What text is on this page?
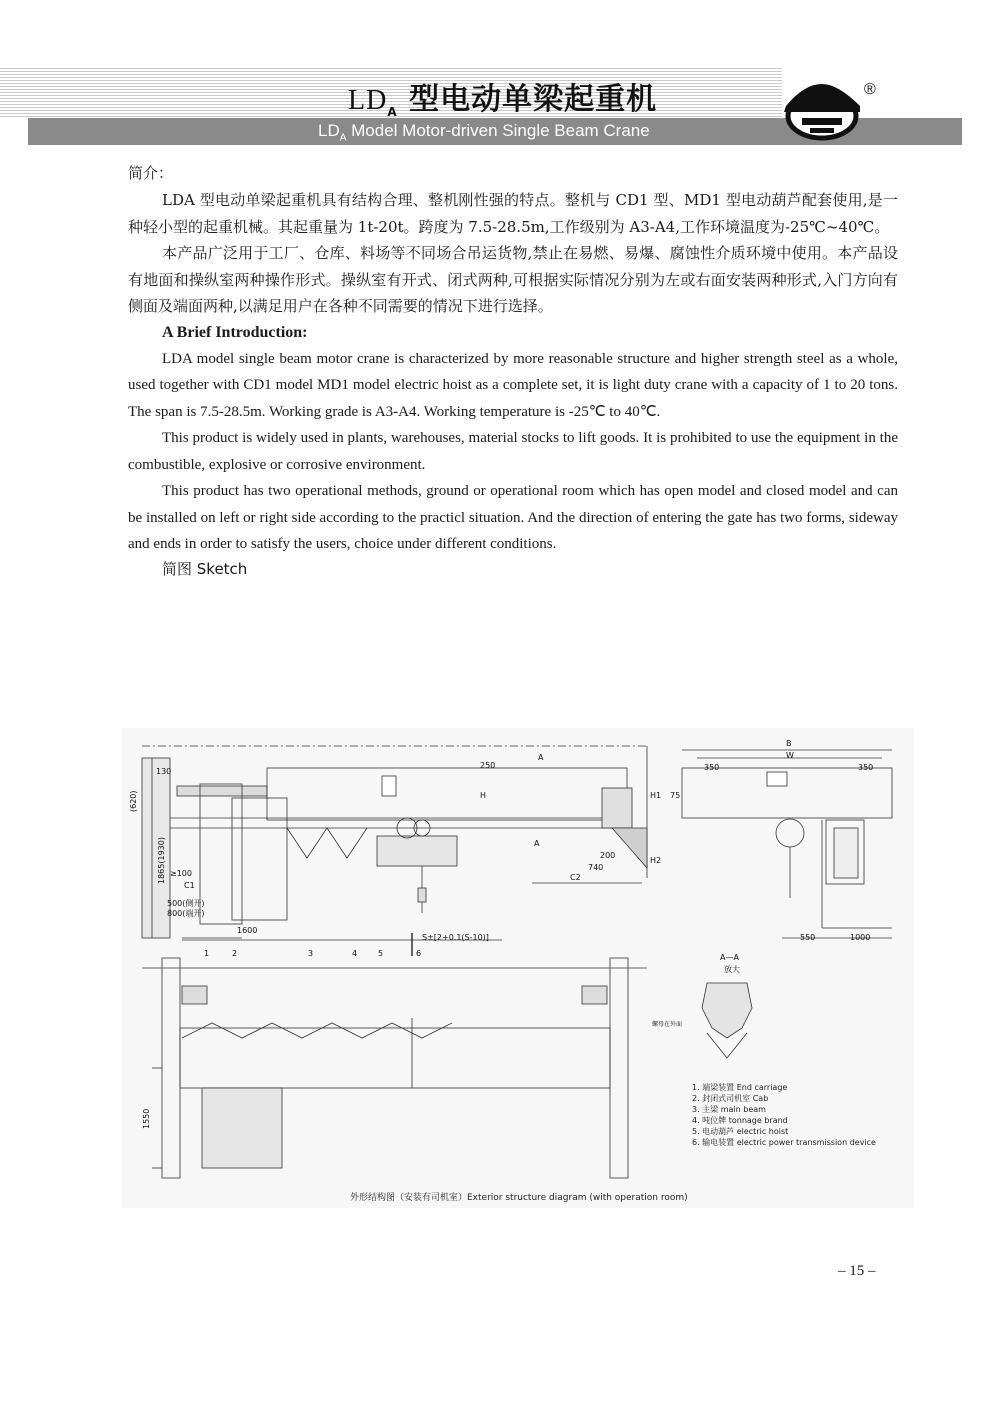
$LD_A$ 型电动单梁起重机
$LD_A$ Model Motor-driven Single Beam Crane
®

简介：

LDA 型电动单梁起重机具有结构合理、整机刚性强的特点。整机与 CD1 型、MD1 型电动葫芦配套使用,是一种轻小型的起重机械。其起重量为 1t-20t。跨度为 7.5-28.5m,工作级别为 A3-A4,工作环境温度为-25℃~40℃。

本产品广泛用于工厂、仓库、料场等不同场合吊运货物,禁止在易燃、易爆、腐蚀性介质环境中使用。本产品设有地面和操纵室两种操作形式。操纵室有开式、闭式两种,可根据实际情况分别为左或右面安装两种形式,入门方向有侧面及端面两种,以满足用户在各种不同需要的情况下进行选择。

A Brief Introduction:

LDA model single beam motor crane is characterized by more reasonable structure and higher strength steel as a whole, used together with CD1 model MD1 model electric hoist as a complete set, it is light duty crane with a capacity of 1 to 20 tons. The span is 7.5-28.5m. Working grade is A3-A4. Working temperature is -25℃ to 40℃.

This product is widely used in plants, warehouses, material stocks to lift goods. It is prohibited to use the equipment in the combustible, explosive or corrosive environment.

This product has two operational methods, ground or operational room which has open model and closed model and can be installed on left or right side according to the practicl situation. And the direction of entering the gate has two forms, sideway and ends in order to satisfy the users, choice under different conditions.

简图 Sketch

130
(620)
≥100
C1
500(侧开)
800(端开)
1600
1865(1930)
S±[2+0.1(S-10)]
C2
740
200
H	H1
H2
250
75
A
A
B
W
350	350
550	1000
1	2	3	4	5	6
1550
A—A
放大
螺母在外面
1. 端梁装置 End carriage
2. 封闭式司机室 Cab
3. 主梁 main beam
4. 吨位牌 tonnage brand
5. 电动葫芦 electric hoist
6. 输电装置 electric power transmission device
外形结构图（安装有司机室）Exterior structure diagram (with operation room)
– 15 –
